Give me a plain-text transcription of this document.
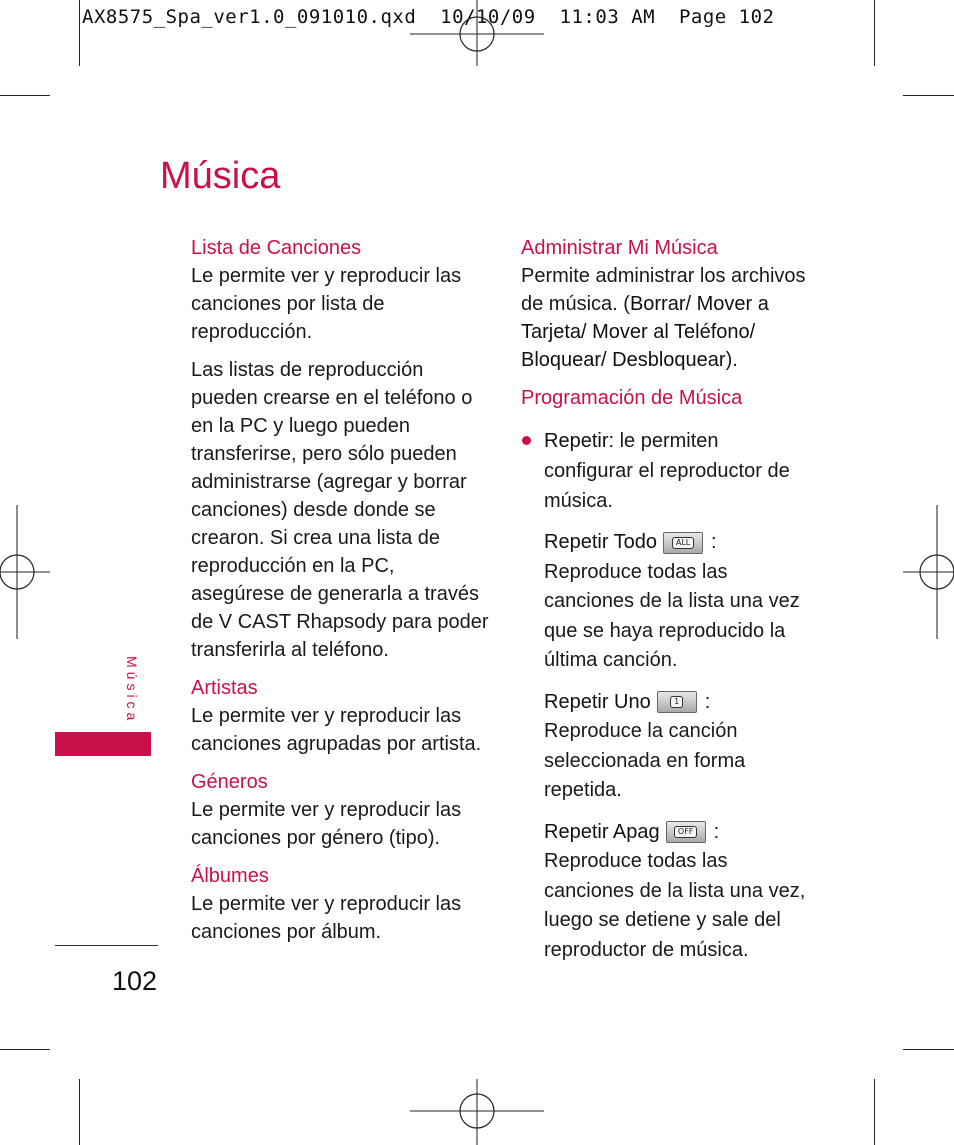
AX8575_Spa_ver1.0_091010.qxd  10/10/09  11:03 AM  Page 102
Música
Lista de Canciones

Le permite ver y reproducir las canciones por lista de reproducción.

Las listas de reproducción pueden crearse en el teléfono o en la PC y luego pueden transferirse, pero sólo pueden administrarse (agregar y borrar canciones) desde donde se crearon. Si crea una lista de reproducción en la PC, asegúrese de generarla a través de V CAST Rhapsody para poder transferirla al teléfono.

Artistas

Le permite ver y reproducir las canciones agrupadas por artista.

Géneros

Le permite ver y reproducir las canciones por género (tipo).

Álbumes

Le permite ver y reproducir las canciones por álbum.

Administrar Mi Música

Permite administrar los archivos de música. (Borrar/ Mover a Tarjeta/ Mover al Teléfono/ Bloquear/ Desbloquear).

Programación de Música
Repetir: le permiten configurar el reproductor de música.
Repetir Todo ALL :
Reproduce todas las canciones de la lista una vez que se haya reproducido la última canción.
Repetir Uno	1 :
Reproduce la canción seleccionada en forma repetida.
Repetir Apag OFF :
Reproduce todas las canciones de la lista una vez, luego se detiene y sale del reproductor de música.
Música
102
